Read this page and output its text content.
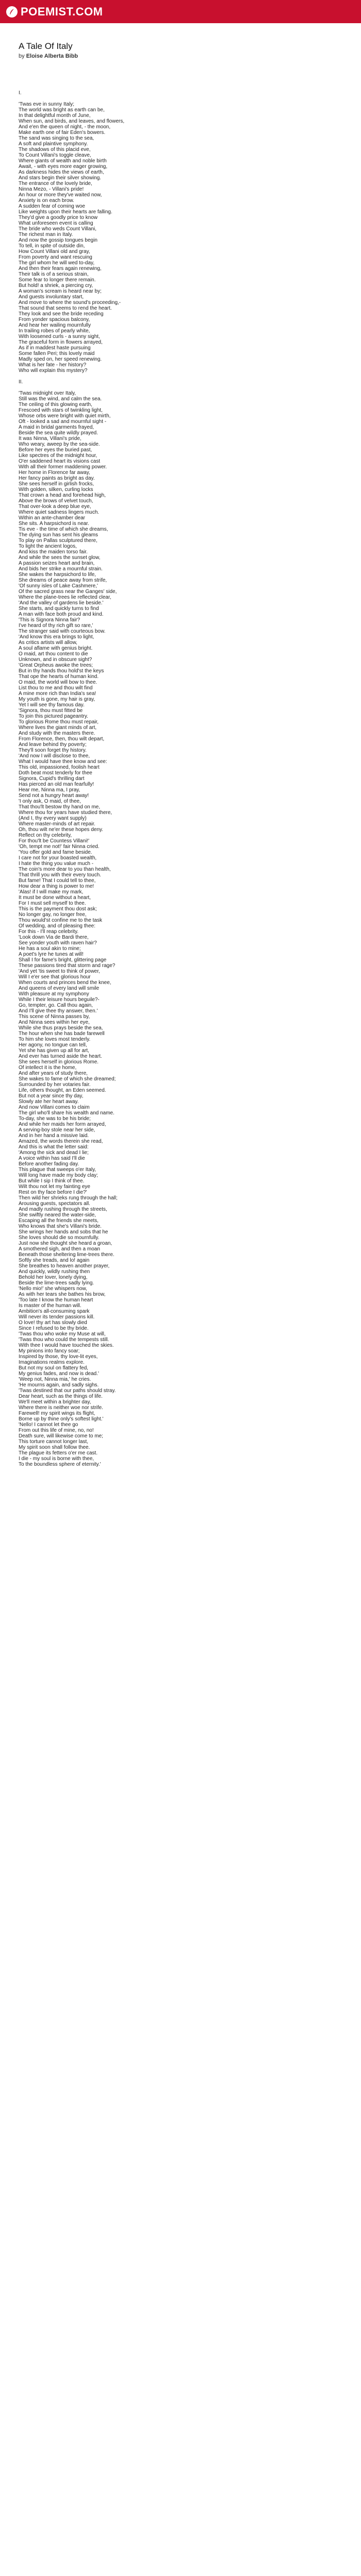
POEMIST.COM
A Tale Of Italy
by Eloise Alberta Bibb
I.
'Twas eve in sunny Italy;
The world was bright as earth can be,
In that delightful month of June,
When sun, and birds, and leaves, and flowers,
And e'en the queen of night, - the moon,
Make earth one of fair Eden's bowers.
The sand was singing to the sea,
A soft and plaintive symphony.
The shadows of this placid eve,
To Count Villani's toggle cleave,
Where giants of wealth and noble birth
Await, - with eyes more eager growing,
As darkness hides the views of earth,
And stars begin their silver showing.
The entrance of the lovely bride,
Ninna Mezo, - Villani's pride!
An hour or more they've waited now,
Anxiety is on each brow.
A sudden fear of coming woe
Like weights upon their hearts are falling.
They'd give a goodly price to know
What unforeseen event is calling
The bride who weds Count Villani,
The richest man in Italy.
And now the gossip tongues begin
To tell, in spite of outside din,
How Count Villani old and gray,
From poverty and want rescuing
The girl whom he will wed to-day,
And then their fears again renewing,
Their talk is of a serious strain,
Some fear to longer there remain.
But hold! a shriek, a piercing cry,
A woman's scream is heard near by;
And guests involuntary start,
And move to where the sound's proceeding,-
That sound that seems to rend the heart.
They look and see the bride receding
From yonder spacious balcony,
And hear her wailing mournfully
In trailing robes of pearly white,
With loosened curls - a sunny sight,
The graceful form in flowers arrayed,
As if in maddest haste pursuing
Some fallen Peri; this lovely maid
Madly sped on, her speed renewing.
What is her fate - her history?
Who will explain this mystery?
II.
'Twas midnight over Italy,
Still was the wind, and calm the sea.
The ceiling of this glowing earth,
Frescoed with stars of twinkling light,
Whose orbs were bright with quiet mirth,
Oft - looked a sad and mournful sight -
A maid in bridal garments frayed,
Beside the sea quite wildly prayed.
It was Ninna, Villani's pride,
Who weary, aweep by the sea-side.
Before her eyes the buried past,
Like spectres of the midnight hour,
O'er saddened heart its visions cast
With all their former maddening power.
Her home in Florence far away,
Her fancy paints as bright as day.
She sees herself in girlish frocks,
With golden, silken, curling locks
That crown a head and forehead high,
Above the brows of velvet touch,
That over-look a deep blue eye,
Where quiet sadness lingers much.
Within an ante-chamber dear
She sits. A harpsichord is near.
Tis eve - the time of which she dreams,
The dying sun has sent his gleams
To play on Pallas sculptured there,
To light the ancient logos,
And kiss the maiden torso fair.
And while the sees the sunset glow,
A passion seizes heart and brain,
And bids her strike a mournful strain.
She wakes the harpsichord to life,
She dreams of peace away from strife,
'Of sunny isles of Lake Cashmere,'
Of the sacred grass near the Ganges' side,
Where the plane-trees lie reflected clear,
'And the valley of gardens lie beside.'
She starts, and quickly turns to find
A man with face both proud and kind.
'This is Signora Ninna fair?
I've heard of thy rich gift so rare,'
The stranger said with courteous bow.
'And know this era brings to light,
As critics artists will allow,
A soul aflame with genius bright.
O maid, art thou content to die
Unknown, and in obscure sight?
'Great Orpheus awoke the trees;
But in thy hands thou hold'st the keys
That ope the hearts of human kind.
O maid, the world will bow to thee.
List thou to me and thou wilt find
A mine more rich than India's sea!
My youth is gone, my hair is gray,
Yet I will see thy famous day.
'Signora, thou must fitted be
To join this pictured pageantry.
To glorious Rome thou must repair,
Where lives the giant minds of art,
And study with the masters there.
From Florence, then, thou wilt depart,
And leave behind thy poverty;
They'll soon forget thy history.
'And now I will disclose to thee,
What I would have thee know and see:
This old, impassioned, foolish heart
Doth beat most tenderly for thee
Signora, Cupid's thrilling dart
Has pierced an old man fearfully!
Hear me, Ninna ma, I pray,
Send not a hungry heart away!
'I only ask, O maid, of thee,
That thou'lt bestow thy hand on me,
Where thou for years have studied there,
(And I, thy every want supply)
Where master-minds of art repair.
Oh, thou wilt ne'er these hopes deny.
Reflect on thy celebrity,
For thou'lt be Countess Villani!'
'Oh, tempt me not!' fair Ninna cried.
'You offer gold and fame beside.
I care not for your boasted wealth,
I hate the thing you value much -
The coin's more dear to you than health,
That thrill you with their every touch.
But fame! That I could tell to thee,
How dear a thing is power to me!
'Alas! if I will make my mark,
It must be done without a heart,
For I must sell myself to thee.
This is the payment thou dost ask;
No longer gay, no longer free,
Thou would'st confine me to the task
Of wedding, and of pleasing thee:
For this - I'll reap celebrity.
'Look down Via de Bardi there,
See yonder youth with raven hair?
He has a soul akin to mine;
A poet's lyre he tunes at will!
Shall I for fame's bright, glittering page
These passions tired that storm and rage?
'And yet 'tis sweet to think of power,
Will I e'er see that glorious hour
When courts and princes bend the knee,
And queens of every land will smile
With pleasure at my symphony
While I their leisure hours beguile?-
Go, tempter, go. Call thou again,
And I'll give thee thy answer, then.'
This scene of Ninna passes by,
And Ninna sees within her eye,
While she thus prays beside the sea,
The hour when she has bade farewell
To him she loves most tenderly.
Her agony, no tongue can tell,
Yet she has given up all for art,
And ever has turned aside the heart.
She sees herself in glorious Rome.
Of intellect it is the home,
And after years of study there,
She wakes to fame of which she dreamed;
Surrounded by her votaries fair.
Life, others thought, an Eden seemed.
But not a year since thy day,
Slowly ate her heart away.
And now Villani comes to claim
The girl who'll share his wealth and name.
To-day, she was to be his bride;
And while her maids her form arrayed,
A serving-boy stole near her side,
And in her hand a missive laid.
Amazed, the words therein she read,
And this is what the letter said:
'Among the sick and dead I lie;
A voice within has said I'll die
Before another fading day.
This plague that sweeps o'er Italy,
Will long have made my body clay;
But while I sip I think of thee.
Wilt thou not let my fainting eye
Rest on thy face before I die?'
Then wild her shrieks rung through the hall;
Arousing guests, spectators all.
And madly rushing through the streets,
She swiftly neared the water-side,
Escaping all the friends she meets,
Who knows that she's Villani's bride.
She wrings her hands and sobs that he
She loves should die so mournfully.
Just now she thought she heard a groan,
A smothered sigh, and then a moan
Beneath those sheltering lime-trees there.
Softly she treads, and lo! again
She breathes to heaven another prayer,
And quickly, wildly rushing then
Behold her lover, lonely dying,
Beside the lime-trees sadly lying.
'Nello mio!' she whispers now,
As with her tears she bathes his brow,
'Too late I know the human heart
Is master of the human will.
Ambition's all-consuming spark
Will never its tender passions kill.
O love! thy art has slowly died
Since I refused to be thy bride.
'Twas thou who woke my Muse at will,
'Twas thou who could the tempests still.
With thee I would have touched the skies.
My pinions into fancy soar;
Inspired by those, thy love-lit eyes,
Imaginations realms explore.
But not my soul on flattery fed,
My genius fades, and now is dead.'
'Weep not, Ninna mia,' he cries.
'He mourns again, and sadly sighs.
'Twas destined that our paths should stray.
Dear heart, such as the things of life.
We'll meet within a brighter day,
Where there is neither woe nor strife.
Farewell! my spirit wings its flight,
Borne up by thine only's softest light.'
'Nello! I cannot let thee go
From out this life of mine, no, no!
Death sure, will likewise come to me;
This torture cannot longer last,
My spirit soon shall follow thee.
The plague its fetters o'er me cast.
I die - my soul is borne with thee,
To the boundless sphere of eternity.'
